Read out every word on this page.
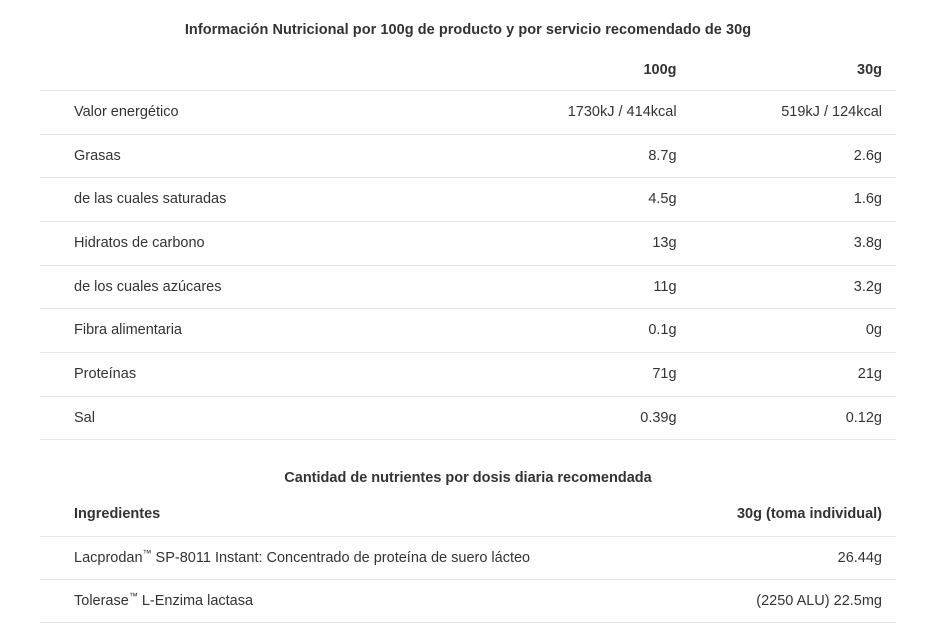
Información Nutricional por 100g de producto y por servicio recomendado de 30g
	100g	30g
Valor energético	1730kJ / 414kcal	519kJ / 124kcal
Grasas	8.7g	2.6g
de las cuales saturadas	4.5g	1.6g
Hidratos de carbono	13g	3.8g
de los cuales azúcares	11g	3.2g
Fibra alimentaria	0.1g	0g
Proteínas	71g	21g
Sal	0.39g	0.12g
Cantidad de nutrientes por dosis diaria recomendada
Ingredientes	30g (toma individual)
Lacprodan™ SP-8011 Instant: Concentrado de proteína de suero lácteo	26.44g
Tolerase™ L-Enzima lactasa	(2250 ALU) 22.5mg
